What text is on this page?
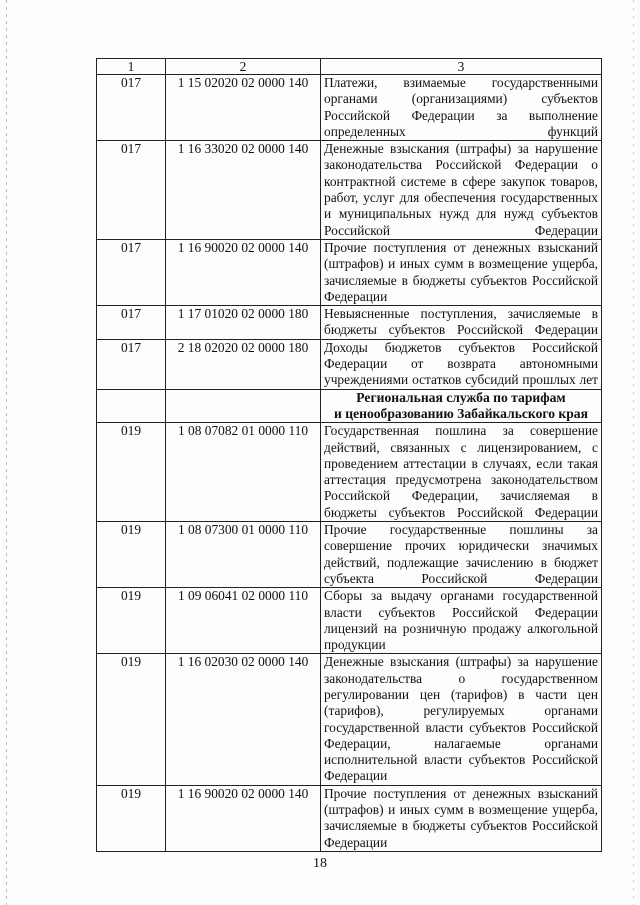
1	2	3
017	1 15 02020 02 0000 140	Платежи, взимаемые государственными органами (организациями) субъектов Российской Федерации за выполнение определенных функций
017	1 16 33020 02 0000 140	Денежные взыскания (штрафы) за нарушение законодательства Российской Федерации о контрактной системе в сфере закупок товаров, работ, услуг для обеспечения государственных и муниципальных нужд для нужд субъектов Российской Федерации
017	1 16 90020 02 0000 140	Прочие поступления от денежных взысканий (штрафов) и иных сумм в возмещение ущерба, зачисляемые в бюджеты субъектов Российской Федерации
017	1 17 01020 02 0000 180	Невыясненные поступления, зачисляемые в бюджеты субъектов Российской Федерации
017	2 18 02020 02 0000 180	Доходы бюджетов субъектов Российской Федерации от возврата автономными учреждениями остатков субсидий прошлых лет

		Региональная служба по тарифам
и ценообразованию Забайкальского края

019	1 08 07082 01 0000 110	Государственная пошлина за совершение действий, связанных с лицензированием, с проведением аттестации в случаях, если такая аттестация предусмотрена законодательством Российской Федерации, зачисляемая в бюджеты субъектов Российской Федерации
019	1 08 07300 01 0000 110	Прочие государственные пошлины за совершение прочих юридически значимых действий, подлежащие зачислению в бюджет субъекта Российской Федерации
019	1 09 06041 02 0000 110	Сборы за выдачу органами государственной власти субъектов Российской Федерации лицензий на розничную продажу алкогольной продукции
019	1 16 02030 02 0000 140	Денежные взыскания (штрафы) за нарушение законодательства о государственном регулировании цен (тарифов) в части цен (тарифов), регулируемых органами государственной власти субъектов Российской Федерации, налагаемые органами исполнительной власти субъектов Российской Федерации
019	1 16 90020 02 0000 140	Прочие поступления от денежных взысканий (штрафов) и иных сумм в возмещение ущерба, зачисляемые в бюджеты субъектов Российской Федерации
18
